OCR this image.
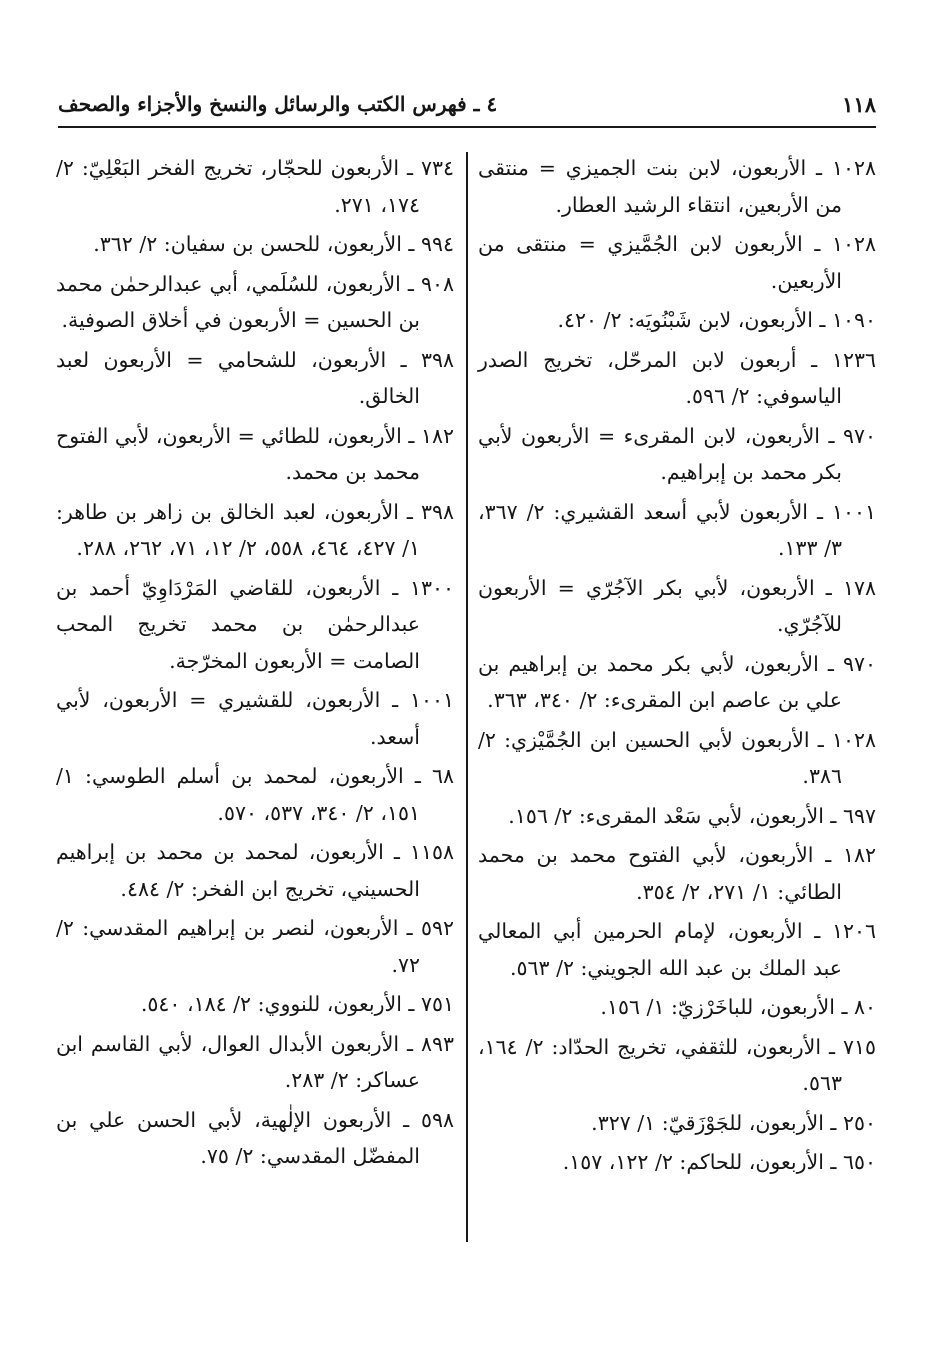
١١٨
٤ ـ فهرس الكتب والرسائل والنسخ والأجزاء والصحف

١٠٢٨ ـ الأربعون، لابن بنت الجميزي = منتقى من الأربعين، انتقاء الرشيد العطار.

١٠٢٨ ـ الأربعون لابن الجُمَّيزي = منتقى من الأربعين.

١٠٩٠ ـ الأربعون، لابن شَبْنُويَه: ٢/ ٤٢٠.

١٢٣٦ ـ أربعون لابن المرحّل، تخريج الصدر الياسوفي: ٢/ ٥٩٦.

٩٧٠ ـ الأربعون، لابن المقرىء = الأربعون لأبي بكر محمد بن إبراهيم.

١٠٠١ ـ الأربعون لأبي أسعد القشيري: ٢/ ٣٦٧، ٣/ ١٣٣.

١٧٨ ـ الأربعون، لأبي بكر الآجُرّي = الأربعون للآجُرّي.

٩٧٠ ـ الأربعون، لأبي بكر محمد بن إبراهيم بن علي بن عاصم ابن المقرىء: ٢/ ٣٤٠، ٣٦٣.

١٠٢٨ ـ الأربعون لأبي الحسين ابن الجُمَّيْزي: ٢/ ٣٨٦.

٦٩٧ ـ الأربعون، لأبي سَعْد المقرىء: ٢/ ١٥٦.

١٨٢ ـ الأربعون، لأبي الفتوح محمد بن محمد الطائي: ١/ ٢٧١، ٢/ ٣٥٤.

١٢٠٦ ـ الأربعون، لإمام الحرمين أبي المعالي عبد الملك بن عبد الله الجويني: ٢/ ٥٦٣.

٨٠ ـ الأربعون، للباخَرْزيّ: ١/ ١٥٦.

٧١٥ ـ الأربعون، للثقفي، تخريج الحدّاد: ٢/ ١٦٤، ٥٦٣.

٢٥٠ ـ الأربعون، للجَوْزَقيّ: ١/ ٣٢٧.

٦٥٠ ـ الأربعون، للحاكم: ٢/ ١٢٢، ١٥٧.

٧٣٤ ـ الأربعون للحجّار، تخريج الفخر البَعْلِيّ: ٢/ ١٧٤، ٢٧١.

٩٩٤ ـ الأربعون، للحسن بن سفيان: ٢/ ٣٦٢.

٩٠٨ ـ الأربعون، للسُلَمي، أبي عبدالرحمٰن محمد بن الحسين = الأربعون في أخلاق الصوفية.

٣٩٨ ـ الأربعون، للشحامي = الأربعون لعبد الخالق.

١٨٢ ـ الأربعون، للطائي = الأربعون، لأبي الفتوح محمد بن محمد.

٣٩٨ ـ الأربعون، لعبد الخالق بن زاهر بن طاهر: ١/ ٤٢٧، ٤٦٤، ٥٥٨، ٢/ ١٢، ٧١، ٢٦٢، ٢٨٨.

١٣٠٠ ـ الأربعون، للقاضي المَرْدَاوِيّ أحمد بن عبدالرحمٰن بن محمد تخريج المحب الصامت = الأربعون المخرّجة.

١٠٠١ ـ الأربعون، للقشيري = الأربعون، لأبي أسعد.

٦٨ ـ الأربعون، لمحمد بن أسلم الطوسي: ١/ ١٥١، ٢/ ٣٤٠، ٥٣٧، ٥٧٠.

١١٥٨ ـ الأربعون، لمحمد بن محمد بن إبراهيم الحسيني، تخريج ابن الفخر: ٢/ ٤٨٤.

٥٩٢ ـ الأربعون، لنصر بن إبراهيم المقدسي: ٢/ ٧٢.

٧٥١ ـ الأربعون، للنووي: ٢/ ١٨٤، ٥٤٠.

٨٩٣ ـ الأربعون الأبدال العوال، لأبي القاسم ابن عساكر: ٢/ ٢٨٣.

٥٩٨ ـ الأربعون الإلٰهية، لأبي الحسن علي بن المفضّل المقدسي: ٢/ ٧٥.
